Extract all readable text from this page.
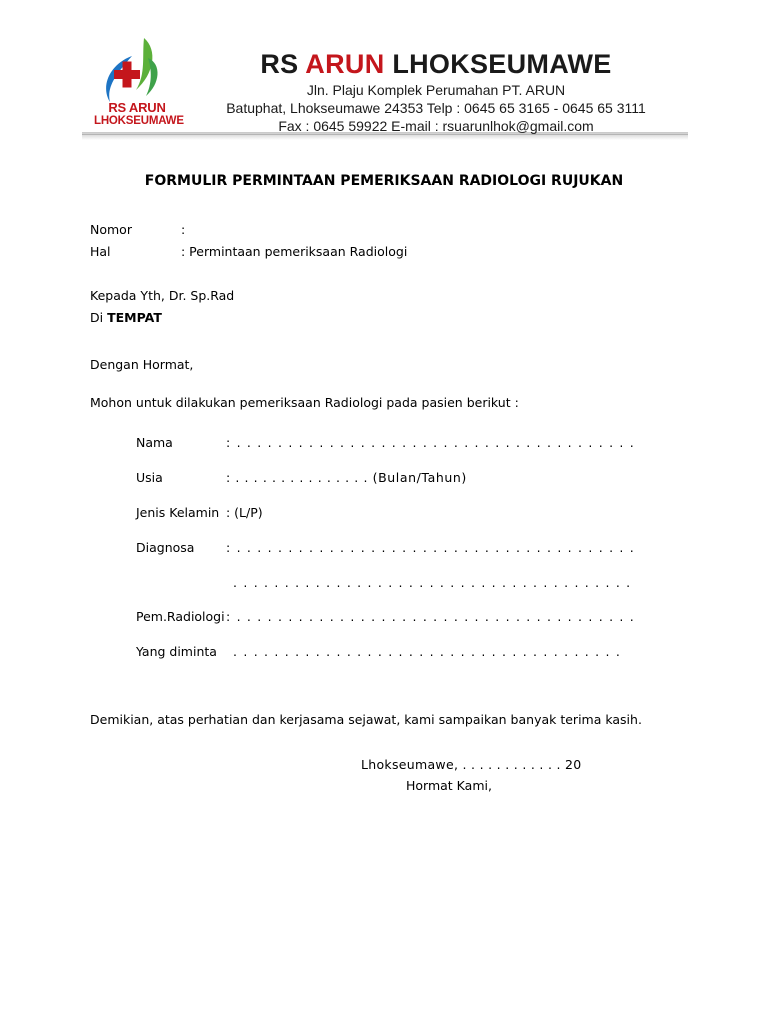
RS ARUN
LHOKSEUMAWE
RS ARUN LHOKSEUMAWE
Jln. Plaju Komplek Perumahan PT. ARUN
Batuphat, Lhokseumawe 24353 Telp : 0645 65 3165 - 0645 65 3111
Fax : 0645 59922 E-mail : rsuarunlhok@gmail.com
FORMULIR PERMINTAAN PEMERIKSAAN RADIOLOGI RUJUKAN
Nomor	:
Hal	: Permintaan pemeriksaan Radiologi
Kepada Yth, Dr. Sp.Rad
Di TEMPAT
Dengan Hormat,
Mohon untuk dilakukan pemeriksaan Radiologi pada pasien berikut :
Nama	: . . . . . . . . . . . . . . . . . . . . . . . . . . . . . . . . . . . . . . .
Usia	: . . . . . . . . . . . . . . . (Bulan/Tahun)
Jenis Kelamin : (L/P)
Diagnosa	: . . . . . . . . . . . . . . . . . . . . . . . . . . . . . . . . . . . . . . .
. . . . . . . . . . . . . . . . . . . . . . . . . . . . . . . . . . . . . . .
Pem.Radiologi : . . . . . . . . . . . . . . . . . . . . . . . . . . . . . . . . . . . . . . .
Yang diminta . . . . . . . . . . . . . . . . . . . . . . . . . . . . . . . . . . . . . .
Demikian, atas perhatian dan kerjasama sejawat, kami sampaikan banyak terima kasih.
Lhokseumawe, . . . . . . . . . . . . 20
Hormat Kami,
